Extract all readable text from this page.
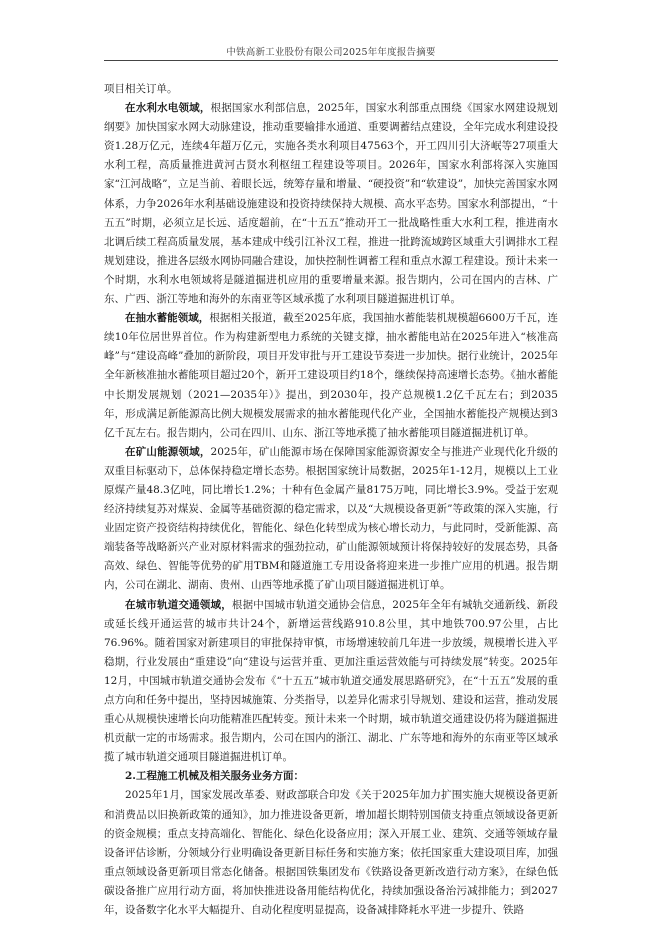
中铁高新工业股份有限公司2025年年度报告摘要

项目相关订单。

在水利水电领域，根据国家水利部信息，2025年，国家水利部重点围绕《国家水网建设规划纲要》加快国家水网大动脉建设，推动重要输排水通道、重要调蓄结点建设，全年完成水利建设投资1.28万亿元，连续4年超万亿元，实施各类水利项目47563个，开工四川引大济岷等27项重大水利工程，高质量推进黄河古贤水利枢纽工程建设等项目。2026年，国家水利部将深入实施国家“江河战略”，立足当前、着眼长远，统筹存量和增量、“硬投资”和“软建设”，加快完善国家水网体系，力争2026年水利基础设施建设和投资持续保持大规模、高水平态势。国家水利部提出，“十五五”时期，必须立足长远、适度超前，在“十五五”推动开工一批战略性重大水利工程，推进南水北调后续工程高质量发展，基本建成中线引江补汉工程，推进一批跨流域跨区域重大引调排水工程规划建设，推进各层级水网协同融合建设，加快控制性调蓄工程和重点水源工程建设。预计未来一个时期，水利水电领域将是隧道掘进机应用的重要增量来源。报告期内，公司在国内的吉林、广东、广西、浙江等地和海外的东南亚等区域承揽了水利项目隧道掘进机订单。

在抽水蓄能领域，根据相关报道，截至2025年底，我国抽水蓄能装机规模超6600万千瓦，连续10年位居世界首位。作为构建新型电力系统的关键支撑，抽水蓄能电站在2025年进入“核准高峰”与“建设高峰”叠加的新阶段，项目开发审批与开工建设节奏进一步加快。据行业统计，2025年全年新核准抽水蓄能项目超过20个，新开工建设项目约18个，继续保持高速增长态势。《抽水蓄能中长期发展规划（2021—2035年）》提出，到2030年，投产总规模1.2亿千瓦左右；到2035年，形成满足新能源高比例大规模发展需求的抽水蓄能现代化产业，全国抽水蓄能投产规模达到3亿千瓦左右。报告期内，公司在四川、山东、浙江等地承揽了抽水蓄能项目隧道掘进机订单。

在矿山能源领域，2025年，矿山能源市场在保障国家能源资源安全与推进产业现代化升级的双重目标驱动下，总体保持稳定增长态势。根据国家统计局数据，2025年1-12月，规模以上工业原煤产量48.3亿吨，同比增长1.2%；十种有色金属产量8175万吨，同比增长3.9%。受益于宏观经济持续复苏对煤炭、金属等基础资源的稳定需求，以及“大规模设备更新”等政策的深入实施，行业固定资产投资结构持续优化，智能化、绿色化转型成为核心增长动力，与此同时，受新能源、高端装备等战略新兴产业对原材料需求的强劲拉动，矿山能源领域预计将保持较好的发展态势，具备高效、绿色、智能等优势的矿用TBM和隧道施工专用设备将迎来进一步推广应用的机遇。报告期内，公司在湖北、湖南、贵州、山西等地承揽了矿山项目隧道掘进机订单。

在城市轨道交通领域，根据中国城市轨道交通协会信息，2025年全年有城轨交通新线、新段或延长线开通运营的城市共计24个，新增运营线路910.8公里，其中地铁700.97公里，占比76.96%。随着国家对新建项目的审批保持审慎，市场增速较前几年进一步放缓，规模增长进入平稳期，行业发展由“重建设”向“建设与运营并重、更加注重运营效能与可持续发展”转变。2025年12月，中国城市轨道交通协会发布《“十五五”城市轨道交通发展思路研究》，在“十五五”发展的重点方向和任务中提出，坚持因城施策、分类指导，以差异化需求引导规划、建设和运营，推动发展重心从规模快速增长向功能精准匹配转变。预计未来一个时期，城市轨道交通建设仍将为隧道掘进机贡献一定的市场需求。报告期内，公司在国内的浙江、湖北、广东等地和海外的东南亚等区域承揽了城市轨道交通项目隧道掘进机订单。

2.工程施工机械及相关服务业务方面：

2025年1月，国家发展改革委、财政部联合印发《关于2025年加力扩围实施大规模设备更新和消费品以旧换新政策的通知》，加力推进设备更新，增加超长期特别国债支持重点领域设备更新的资金规模；重点支持高端化、智能化、绿色化设备应用；深入开展工业、建筑、交通等领域存量设备评估诊断，分领域分行业明确设备更新目标任务和实施方案；依托国家重大建设项目库，加强重点领域设备更新项目常态化储备。根据国铁集团发布《铁路设备更新改造行动方案》，在绿色低碳设备推广应用行动方面，将加快推进设备用能结构优化，持续加强设备治污减排能力；到2027年，设备数字化水平大幅提升、自动化程度明显提高，设备减排降耗水平进一步提升、铁路
